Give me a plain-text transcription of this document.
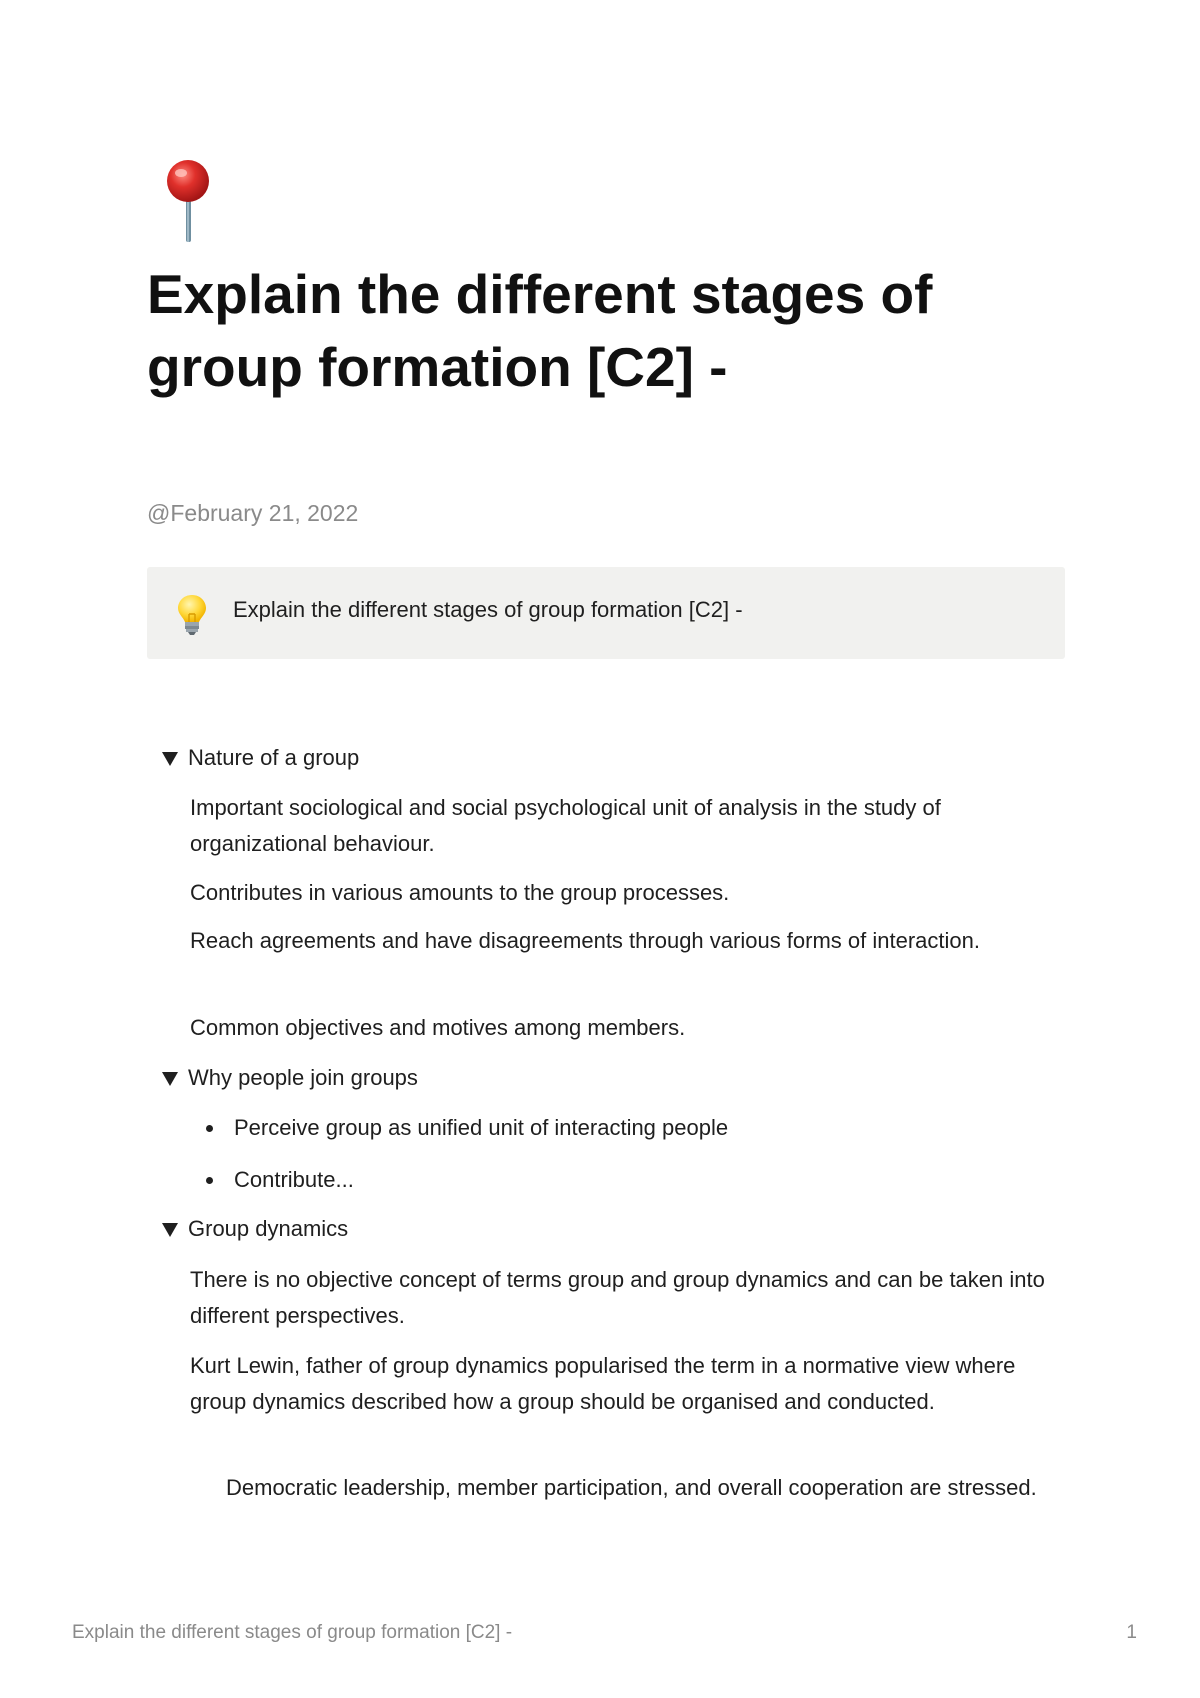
Explain the different stages of group formation [C2] -
@February 21, 2022
Explain the different stages of group formation [C2] -
Nature of a group

Important sociological and social psychological unit of analysis in the study of organizational behaviour.

Contributes in various amounts to the group processes.

Reach agreements and have disagreements through various forms of interaction.

Common objectives and motives among members.

Why people join groups
Perceive group as unified unit of interacting people
Contribute...
Group dynamics

There is no objective concept of terms group and group dynamics and can be taken into different perspectives.

Kurt Lewin, father of group dynamics popularised the term in a normative view where group dynamics described how a group should be organised and conducted.

Democratic leadership, member participation, and overall cooperation are stressed.

Explain the different stages of group formation [C2] -	1
